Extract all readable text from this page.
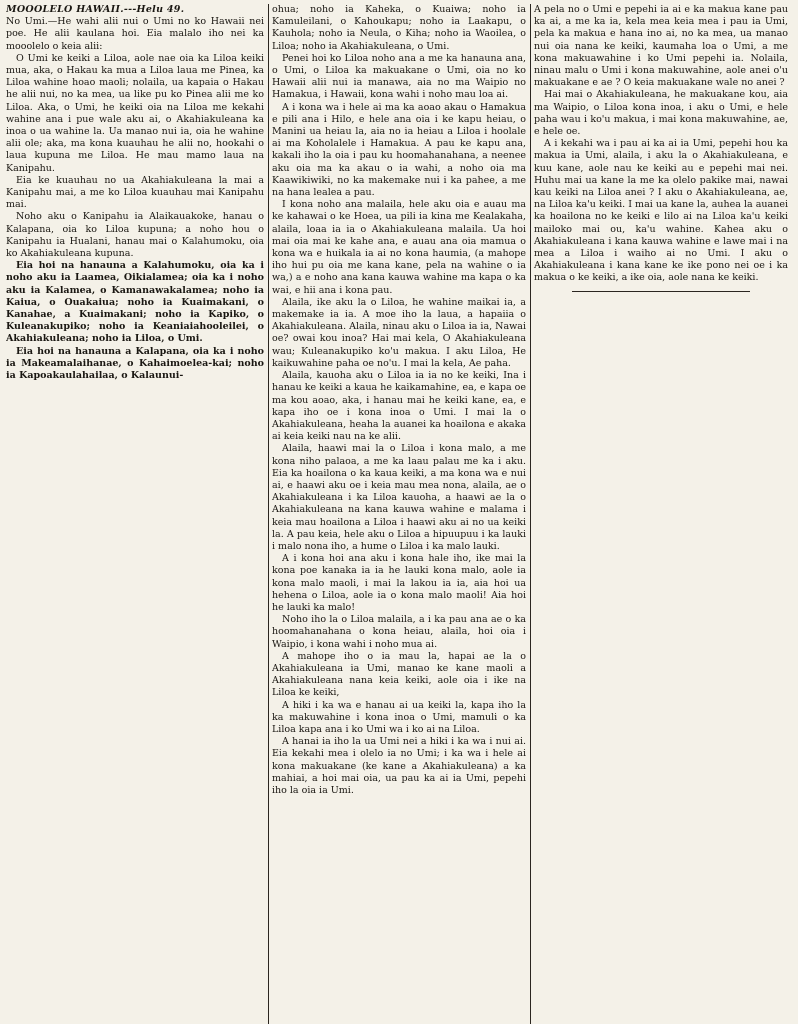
MOOOLELO HAWAII.---Helu 49.

No Umi.—He wahi alii nui o Umi no ko Hawaii nei poe. He alii kaulana hoi. Eia malalo iho nei ka mooolelo o keia alii:

O Umi ke keiki a Liloa, aole nae oia ka Liloa keiki mua, aka, o Hakau ka mua a Liloa laua me Pinea, ka Liloa wahine hoao maoli; nolaila, ua kapaia o Hakau he alii nui, no ka mea, ua like pu ko Pinea alii me ko Liloa. Aka, o Umi, he keiki oia na Liloa me kekahi wahine ana i pue wale aku ai, o Akahiakuleana ka inoa o ua wahine la. Ua manao nui ia, oia he wahine alii ole; aka, ma kona kuauhau he alii no, hookahi o laua kupuna me Liloa. He mau mamo laua na Kanipahu.

Eia ke kuauhau no ua Akahiakuleana la mai a Kanipahu mai, a me ko Liloa kuauhau mai Kanipahu mai.

Noho aku o Kanipahu ia Alaikauakoke, hanau o Kalapana, oia ko Liloa kupuna; a noho hou o Kanipahu ia Hualani, hanau mai o Kalahumoku, oia ko Akahiakuleana kupuna.

Eia hoi na hanauna a Kalahumoku, oia ka i noho aku ia Laamea, Oikialamea; oia ka i noho aku ia Kalamea, o Kamanawakalamea; noho ia Kaiua, o Ouakaiua; noho ia Kuaimakani, o Kanahae, a Kuaimakani; noho ia Kapiko, o Kuleanakupiko; noho ia Keaniaiahooleilei, o Akahiakuleana; noho ia Liloa, o Umi.

Eia hoi na hanauna a Kalapana, oia ka i noho ia Makeamalaihanae, o Kahaimoelea-kai; noho ia Kapoakaulahailaa, o Kalaunui-

ohua; noho ia Kaheka, o Kuaiwa; noho ia Kamuleilani, o Kahoukapu; noho ia Laakapu, o Kauhola; noho ia Neula, o Kiha; noho ia Waoilea, o Liloa; noho ia Akahiakuleana, o Umi.

Penei hoi ko Liloa noho ana a me ka hanauna ana, o Umi, o Liloa ka makuakane o Umi, oia no ko Hawaii alii nui ia manawa, aia no ma Waipio no Hamakua, i Hawaii, kona wahi i noho mau loa ai.

A i kona wa i hele ai ma ka aoao akau o Hamakua e pili ana i Hilo, e hele ana oia i ke kapu heiau, o Manini ua heiau la, aia no ia heiau a Liloa i hoolale ai ma Koholalele i Hamakua. A pau ke kapu ana, kakali iho la oia i pau ku hoomahanahana, a neenee aku oia ma ka akau o ia wahi, a noho oia ma Kaawikiwiki, no ka makemake nui i ka pahee, a me na hana lealea a pau.

I kona noho ana malaila, hele aku oia e auau ma ke kahawai o ke Hoea, ua pili ia kina me Kealakaha, alaila, loaa ia ia o Akahiakuleana malaila. Ua hoi mai oia mai ke kahe ana, e auau ana oia mamua o kona wa e huikala ia ai no kona haumia, (a mahope iho hui pu oia me kana kane, pela na wahine o ia wa,) a e noho ana kana kauwa wahine ma kapa o ka wai, e hii ana i kona pau.

Alaila, ike aku la o Liloa, he wahine maikai ia, a makemake ia ia. A moe iho la laua, a hapaiia o Akahiakuleana. Alaila, ninau aku o Liloa ia ia, Nawai oe? owai kou inoa? Hai mai kela, O Akahiakuleana wau; Kuleanakupiko ko'u makua. I aku Liloa, He kaikuwahine paha oe no'u. I mai la kela, Ae paha.

Alaila, kauoha aku o Liloa ia ia no ke keiki, Ina i hanau ke keiki a kaua he kaikamahine, ea, e kapa oe ma kou aoao, aka, i hanau mai he keiki kane, ea, e kapa iho oe i kona inoa o Umi. I mai la o Akahiakuleana, heaha la auanei ka hoailona e akaka ai keia keiki nau na ke alii.

Alaila, haawi mai la o Liloa i kona malo, a me kona niho palaoa, a me ka laau palau me ka i aku. Eia ka hoailona o ka kaua keiki, a ma kona wa e nui ai, e haawi aku oe i keia mau mea nona, alaila, ae o Akahiakuleana i ka Liloa kauoha, a haawi ae la o Akahiakuleana na kana kauwa wahine e malama i keia mau hoailona a Liloa i haawi aku ai no ua keiki la. A pau keia, hele aku o Liloa a hipuupuu i ka lauki i malo nona iho, a hume o Liloa i ka malo lauki.

A i kona hoi ana aku i kona hale iho, ike mai la kona poe kanaka ia ia he lauki kona malo, aole ia kona malo maoli, i mai la lakou ia ia, aia hoi ua hehena o Liloa, aole ia o kona malo maoli! Aia hoi he lauki ka malo!

Noho iho la o Liloa malaila, a i ka pau ana ae o ka hoomahanahana o kona heiau, alaila, hoi oia i Waipio, i kona wahi i noho mua ai.

A mahope iho o ia mau la, hapai ae la o Akahiakuleana ia Umi, manao ke kane maoli a Akahiakuleana nana keia keiki, aole oia i ike na Liloa ke keiki,

A hiki i ka wa e hanau ai ua keiki la, kapa iho la ka makuwahine i kona inoa o Umi, mamuli o ka Liloa kapa ana i ko Umi wa i ko ai na Liloa.

A hanai ia iho la ua Umi nei a hiki i ka wa i nui ai. Eia kekahi mea i olelo ia no Umi; i ka wa i hele ai kona makuakane (ke kane a Akahiakuleana) a ka mahiai, a hoi mai oia, ua pau ka ai ia Umi, pepehi iho la oia ia Umi.

A pela no o Umi e pepehi ia ai e ka makua kane pau ka ai, a me ka ia, kela mea keia mea i pau ia Umi, pela ka makua e hana ino ai, no ka mea, ua manao nui oia nana ke keiki, kaumaha loa o Umi, a me kona makuawahine i ko Umi pepehi ia. Nolaila, ninau malu o Umi i kona makuwahine, aole anei o'u makuakane e ae ? O keia makuakane wale no anei ?

Hai mai o Akahiakuleana, he makuakane kou, aia ma Waipio, o Liloa kona inoa, i aku o Umi, e hele paha wau i ko'u makua, i mai kona makuwahine, ae, e hele oe.

A i kekahi wa i pau ai ka ai ia Umi, pepehi hou ka makua ia Umi, alaila, i aku la o Akahiakuleana, e kuu kane, aole nau ke keiki au e pepehi mai nei. Huhu mai ua kane la me ka olelo pakike mai, nawai kau keiki na Liloa anei ? I aku o Akahiakuleana, ae, na Liloa ka'u keiki. I mai ua kane la, auhea la auanei ka hoailona no ke keiki e lilo ai na Liloa ka'u keiki mailoko mai ou, ka'u wahine. Kahea aku o Akahiakuleana i kana kauwa wahine e lawe mai i na mea a Liloa i waiho ai no Umi. I aku o Akahiakuleana i kana kane ke ike pono nei oe i ka makua o ke keiki, a ike oia, aole nana ke keiki.
